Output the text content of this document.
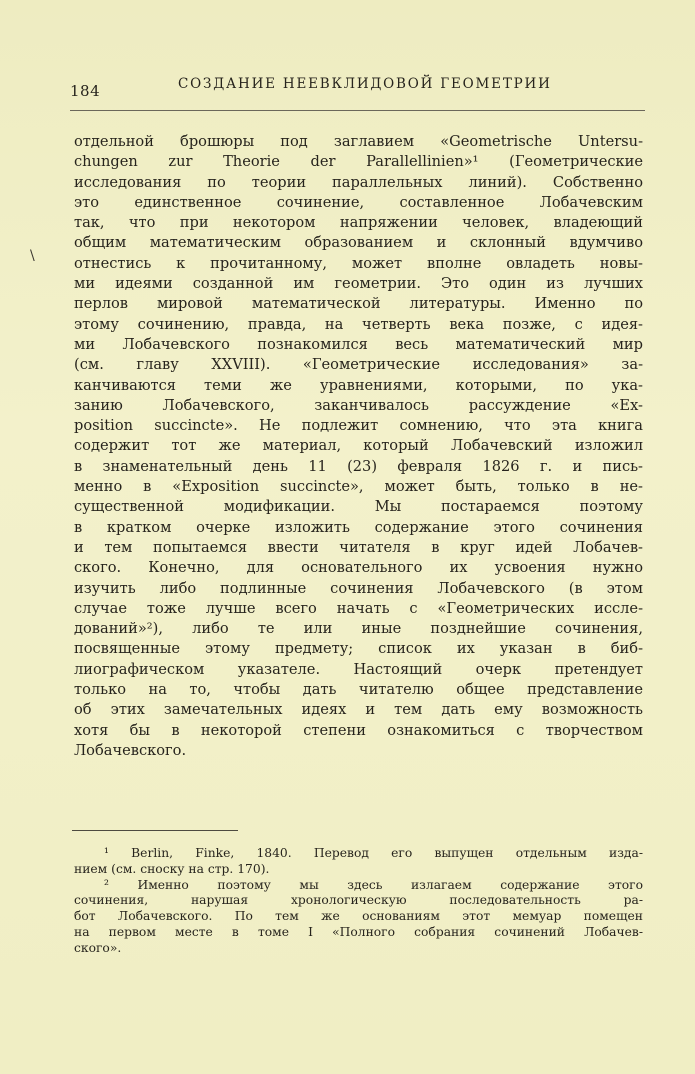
184	СОЗДАНИЕ НЕЕВКЛИДОВОЙ ГЕОМЕТРИИ
\
отдельной брошюры под заглавием «Geometrische Untersu-
chungen zur Theorie der Parallellinien»¹ (Геометрические
исследования по теории параллельных линий). Собственно
это единственное сочинение, составленное Лобачевским
так, что при некотором напряжении человек, владеющий
общим математическим образованием и склонный вдумчиво
отнестись к прочитанному, может вполне овладеть новы-
ми идеями созданной им геометрии. Это один из лучших
перлов мировой математической литературы. Именно по
этому сочинению, правда, на четверть века позже, с идея-
ми Лобачевского познакомился весь математический мир
(см. главу XXVIII). «Геометрические исследования» за-
канчиваются теми же уравнениями, которыми, по ука-
занию Лобачевского, заканчивалось рассуждение «Ex-
position succincte». Не подлежит сомнению, что эта книга
содержит тот же материал, который Лобачевский изложил
в знаменательный день 11 (23) февраля 1826 г. и пись-
менно в «Exposition succincte», может быть, только в не-
существенной модификации. Мы постараемся поэтому
в кратком очерке изложить содержание этого сочинения
и тем попытаемся ввести читателя в круг идей Лобачев-
ского. Конечно, для основательного их усвоения нужно
изучить либо подлинные сочинения Лобачевского (в этом
случае тоже лучше всего начать с «Геометрических иссле-
дований»²), либо те или иные позднейшие сочинения,
посвященные этому предмету; список их указан в биб-
лиографическом указателе. Настоящий очерк претендует
только на то, чтобы дать читателю общее представление
об этих замечательных идеях и тем дать ему возможность
хотя бы в некоторой степени ознакомиться с творчеством
Лобачевского.
¹ Berlin, Finke, 1840. Перевод его выпущен отдельным изда-
нием (см. сноску на стр. 170).
² Именно поэтому мы здесь излагаем содержание этого
сочинения, нарушая хронологическую последовательность ра-
бот Лобачевского. По тем же основаниям этот мемуар помещен
на первом месте в томе I «Полного собрания сочинений Лобачев-
ского».
